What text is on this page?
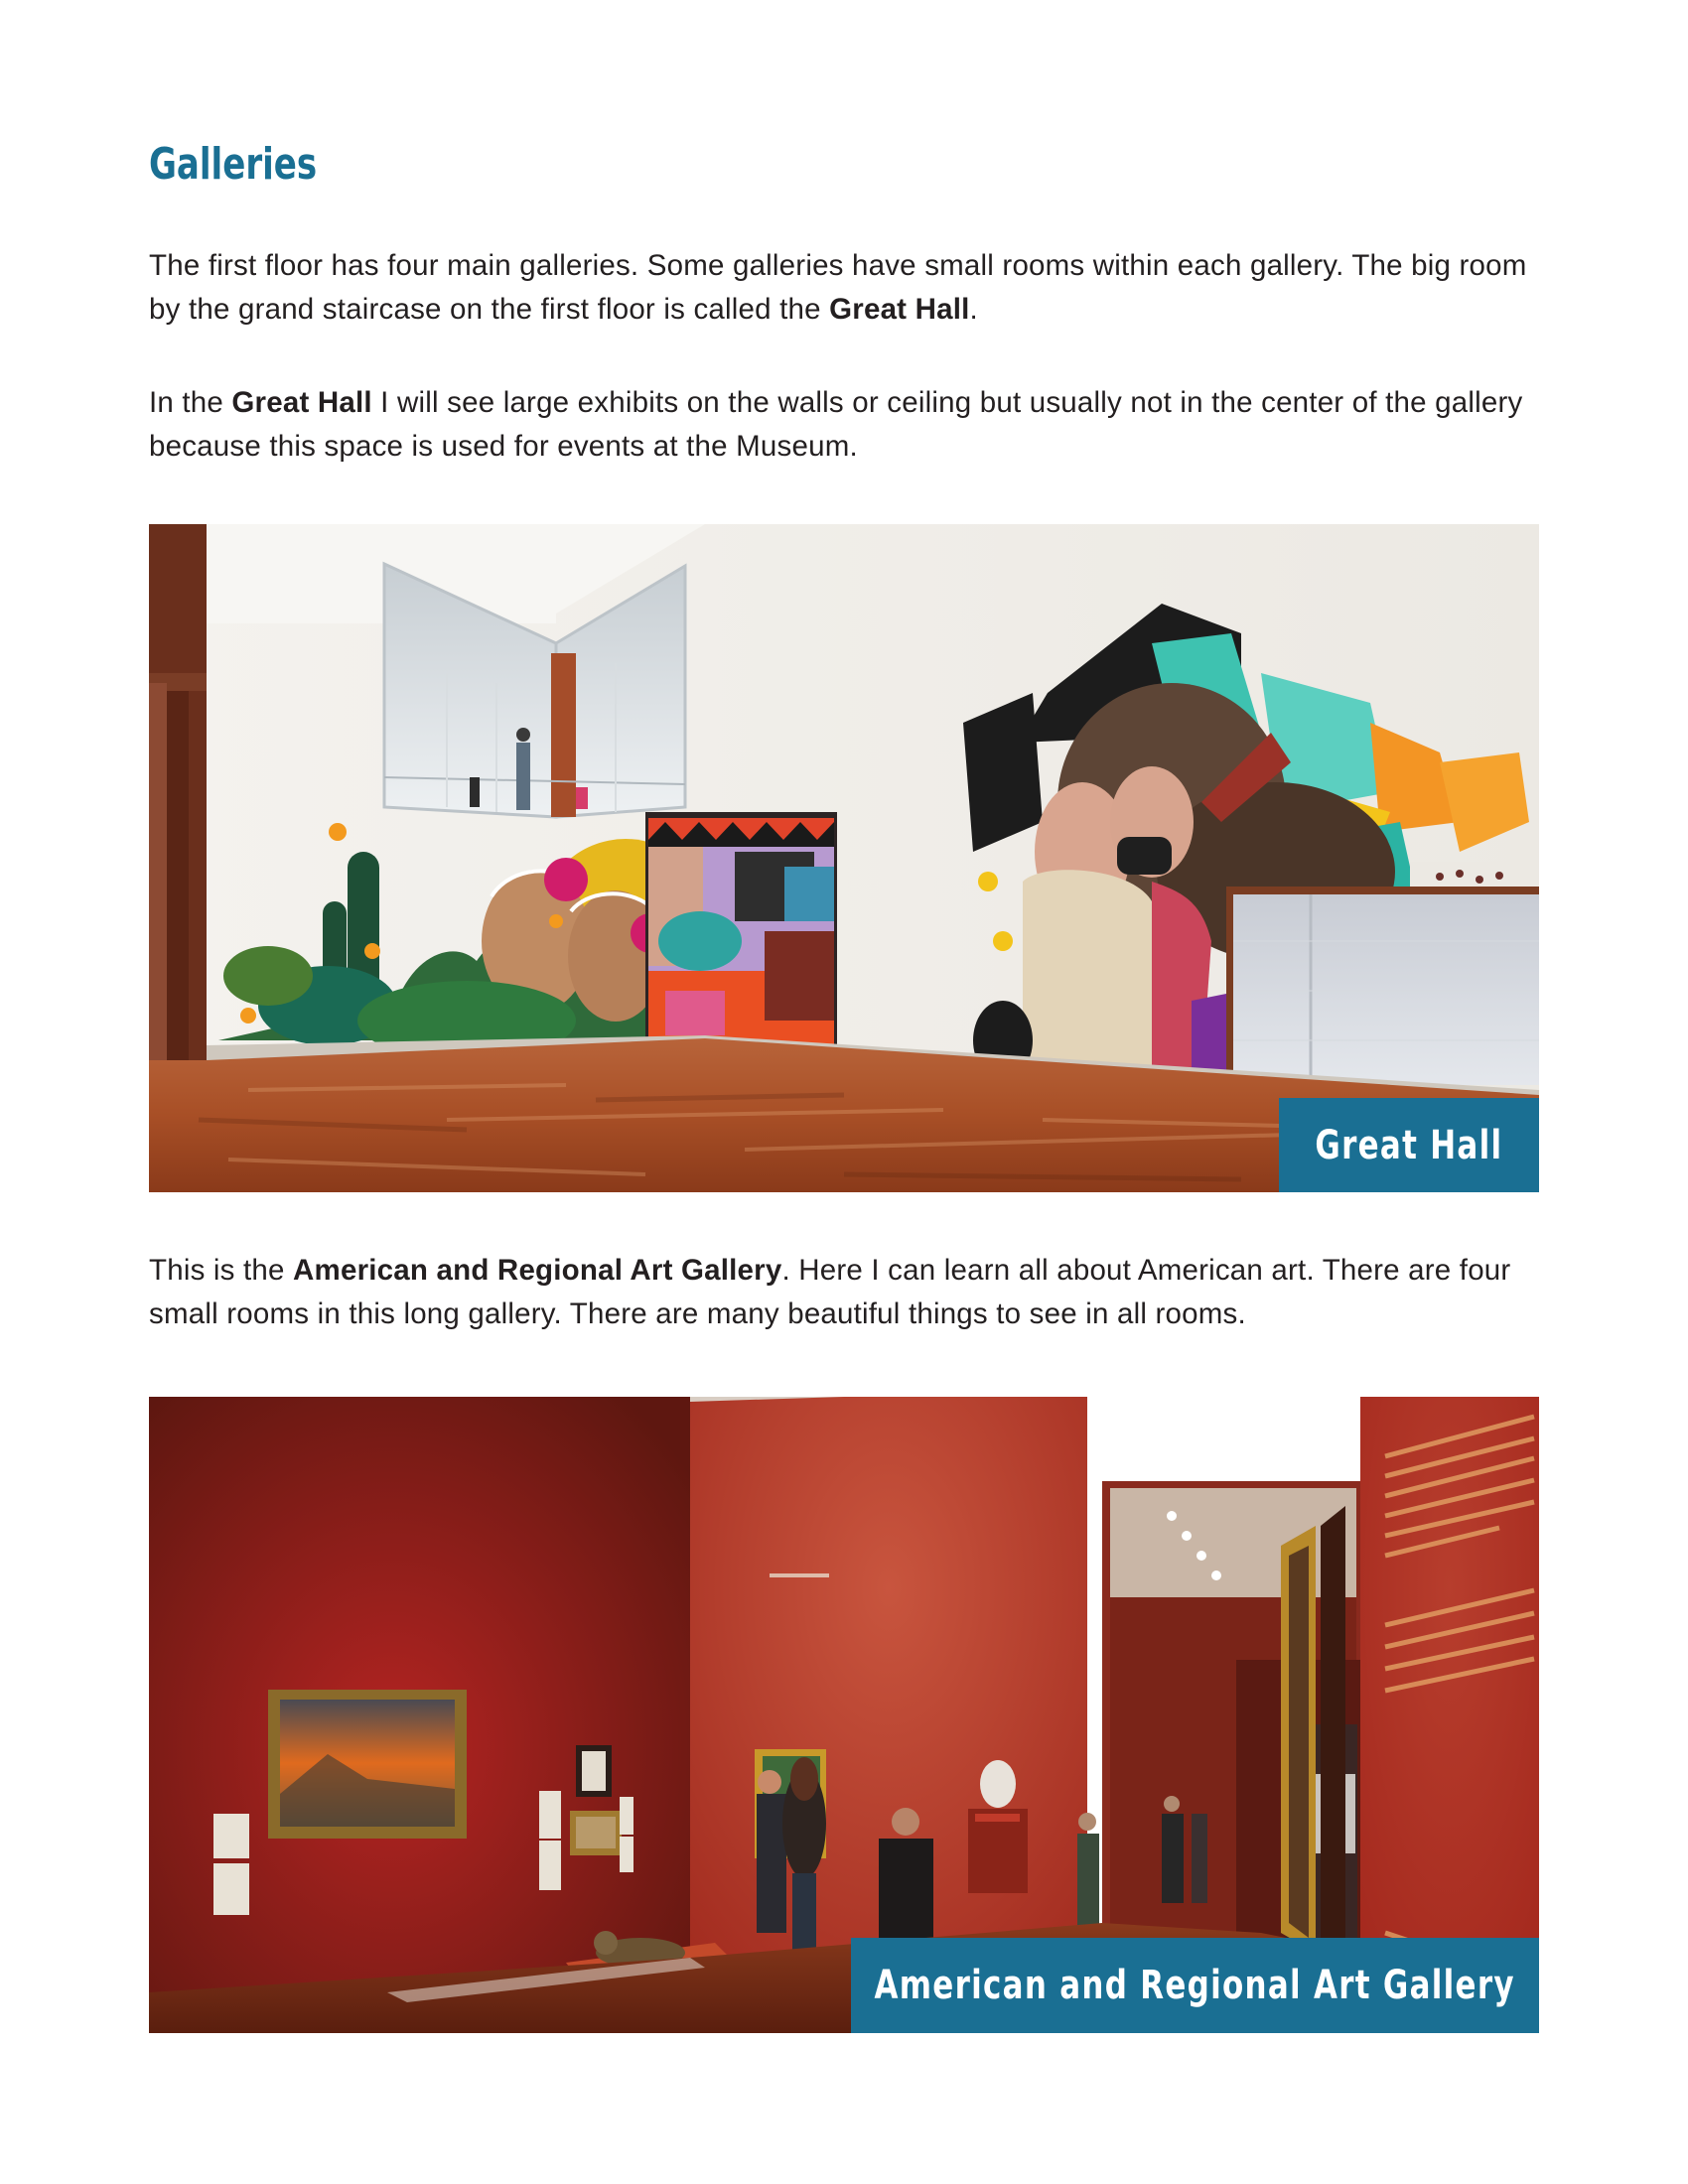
Galleries

The first floor has four main galleries. Some galleries have small rooms within each gallery. The big room by the grand staircase on the first floor is called the Great Hall.

In the Great Hall I will see large exhibits on the walls or ceiling but usually not in the center of the gallery because this space is used for events at the Museum.

Great Hall

This is the American and Regional Art Gallery. Here I can learn all about American art. There are four small rooms in this long gallery. There are many beautiful things to see in all rooms.

American and Regional Art Gallery
